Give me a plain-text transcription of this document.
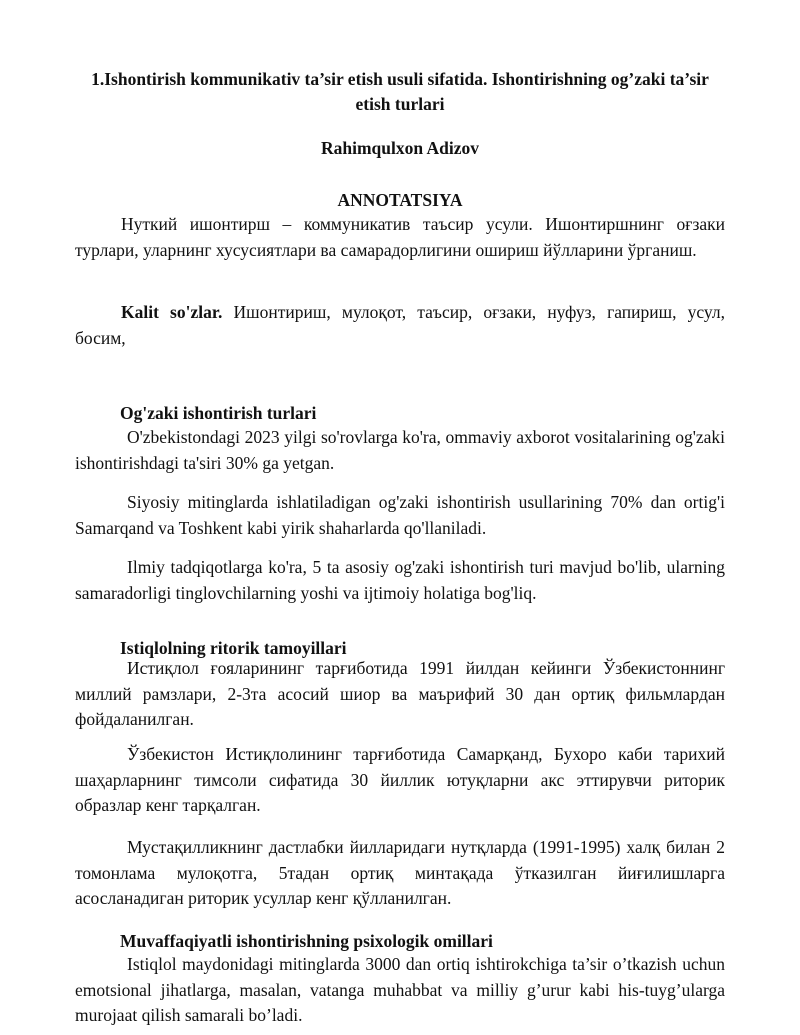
1.Ishontirish kommunikativ ta’sir etish usuli sifatida. Ishontirishning og’zaki ta’sir etish turlari
Rahimqulxon Adizov
ANNOTATSIYA

Нуткий ишонтирш – коммуникатив таъсир усули. Ишонтиршнинг оғзаки турлари, уларнинг хусусиятлари ва самарадорлигини ошириш йўлларини ўрганиш.

Kalit so'zlar. Ишонтириш, мулоқот, таъсир, оғзаки, нуфуз, гапириш, усул, босим,

Og'zaki ishontirish turlari

O'zbekistondagi 2023 yilgi so'rovlarga ko'ra, ommaviy axborot vositalarining og'zaki ishontirishdagi ta'siri 30% ga yetgan.

Siyosiy mitinglarda ishlatiladigan og'zaki ishontirish usullarining 70% dan ortig'i Samarqand va Toshkent kabi yirik shaharlarda qo'llaniladi.

Ilmiy tadqiqotlarga ko'ra, 5 ta asosiy og'zaki ishontirish turi mavjud bo'lib, ularning samaradorligi tinglovchilarning yoshi va ijtimoiy holatiga bog'liq.

Istiqlolning ritorik tamoyillari

Истиқлол ғояларининг тарғиботида 1991 йилдан кейинги Ўзбекистоннинг миллий рамзлари, 2-3та асосий шиор ва маърифий 30 дан ортиқ фильмлардан фойдаланилган.

Ўзбекистон Истиқлолининг тарғиботида Самарқанд, Бухоро каби тарихий шаҳарларнинг тимсоли сифатида 30 йиллик ютуқларни акс эттирувчи риторик образлар кенг тарқалган.

Мустақилликнинг дастлабки йилларидаги нутқларда (1991-1995) халқ билан 2 томонлама мулоқотга, 5тадан ортиқ минтақада ўтказилган йиғилишларга асосланадиган риторик усуллар кенг қўлланилган.

Muvaffaqiyatli ishontirishning psixologik omillari

Istiqlol maydonidagi mitinglarda 3000 dan ortiq ishtirokchiga ta’sir o’tkazish uchun emotsional jihatlarga, masalan, vatanga muhabbat va milliy g’urur kabi his-tuyg’ularga murojaat qilish samarali bo’ladi.
